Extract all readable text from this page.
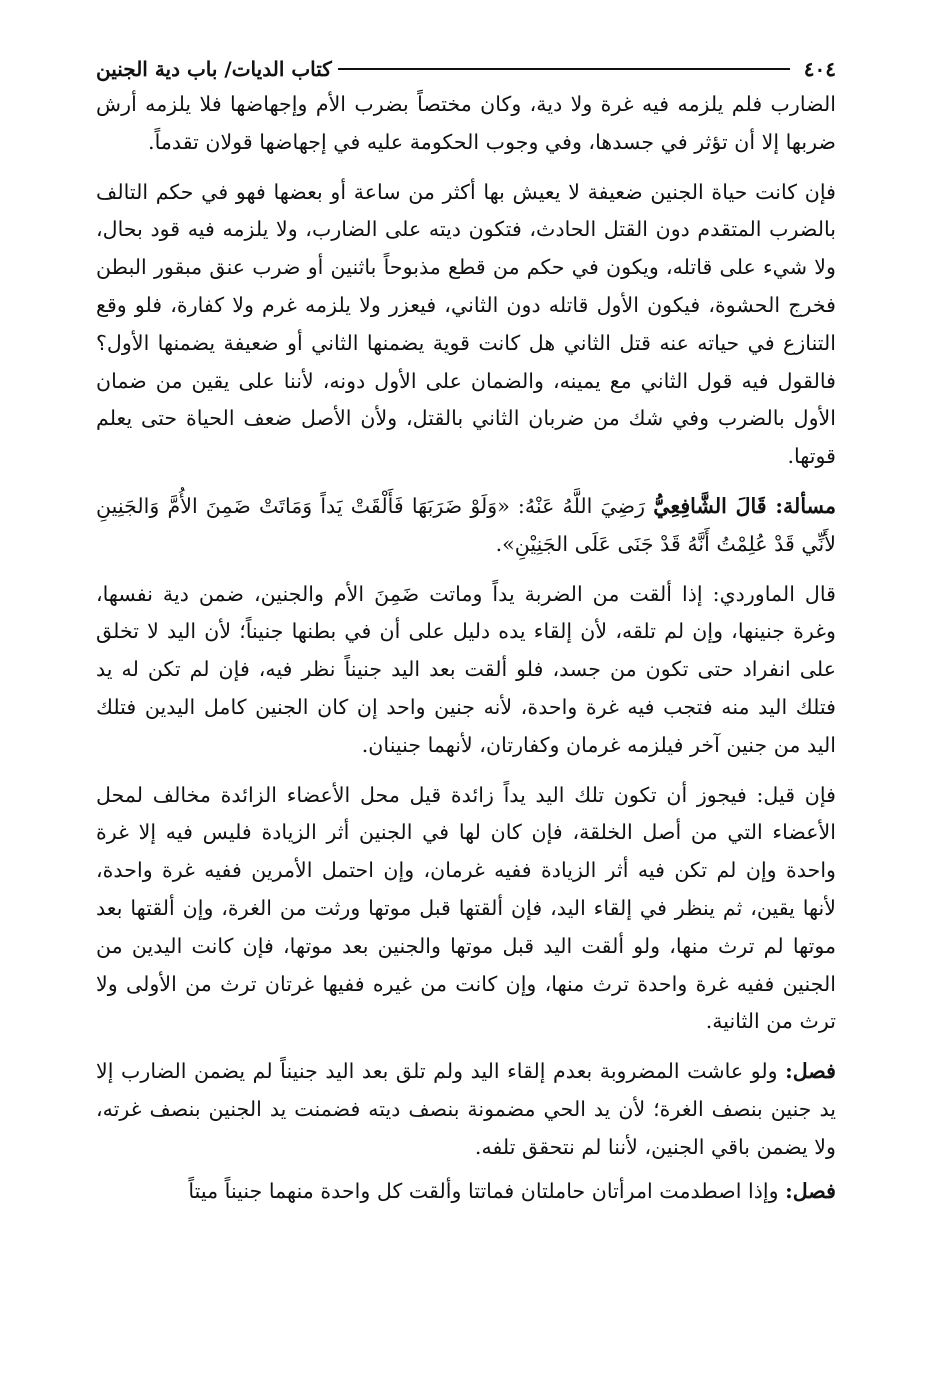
٤٠٤
كتاب الديات/ باب دية الجنين

الضارب فلم يلزمه فيه غرة ولا دية، وكان مختصاً بضرب الأم وإجهاضها فلا يلزمه أرش ضربها إلا أن تؤثر في جسدها، وفي وجوب الحكومة عليه في إجهاضها قولان تقدماً.

فإن كانت حياة الجنين ضعيفة لا يعيش بها أكثر من ساعة أو بعضها فهو في حكم التالف بالضرب المتقدم دون القتل الحادث، فتكون ديته على الضارب، ولا يلزمه فيه قود بحال، ولا شيء على قاتله، ويكون في حكم من قطع مذبوحاً باثنين أو ضرب عنق مبقور البطن فخرج الحشوة، فيكون الأول قاتله دون الثاني، فيعزر ولا يلزمه غرم ولا كفارة، فلو وقع التنازع في حياته عنه قتل الثاني هل كانت قوية يضمنها الثاني أو ضعيفة يضمنها الأول؟ فالقول فيه قول الثاني مع يمينه، والضمان على الأول دونه، لأننا على يقين من ضمان الأول بالضرب وفي شك من ضربان الثاني بالقتل، ولأن الأصل ضعف الحياة حتى يعلم قوتها.

مسألة: قَالَ الشَّافِعِيُّ رَضِيَ اللَّهُ عَنْهُ: «وَلَوْ ضَرَبَهَا فَأَلْقَتْ يَداً وَمَاتَتْ ضَمِنَ الأُمَّ وَالجَنِينِ لأَنِّي قَدْ عُلِمْتُ أَنَّهُ قَدْ جَنَى عَلَى الجَنِيْنِ».

قال الماوردي: إذا ألقت من الضربة يداً وماتت ضَمِنَ الأم والجنين، ضمن دية نفسها، وغرة جنينها، وإن لم تلقه، لأن إلقاء يده دليل على أن في بطنها جنيناً؛ لأن اليد لا تخلق على انفراد حتى تكون من جسد، فلو ألقت بعد اليد جنيناً نظر فيه، فإن لم تكن له يد فتلك اليد منه فتجب فيه غرة واحدة، لأنه جنين واحد إن كان الجنين كامل اليدين فتلك اليد من جنين آخر فيلزمه غرمان وكفارتان، لأنهما جنينان.

فإن قيل: فيجوز أن تكون تلك اليد يداً زائدة قيل محل الأعضاء الزائدة مخالف لمحل الأعضاء التي من أصل الخلقة، فإن كان لها في الجنين أثر الزيادة فليس فيه إلا غرة واحدة وإن لم تكن فيه أثر الزيادة ففيه غرمان، وإن احتمل الأمرين ففيه غرة واحدة، لأنها يقين، ثم ينظر في إلقاء اليد، فإن ألقتها قبل موتها ورثت من الغرة، وإن ألقتها بعد موتها لم ترث منها، ولو ألقت اليد قبل موتها والجنين بعد موتها، فإن كانت اليدين من الجنين ففيه غرة واحدة ترث منها، وإن كانت من غيره ففيها غرتان ترث من الأولى ولا ترث من الثانية.

فصل: ولو عاشت المضروبة بعدم إلقاء اليد ولم تلق بعد اليد جنيناً لم يضمن الضارب إلا يد جنين بنصف الغرة؛ لأن يد الحي مضمونة بنصف ديته فضمنت يد الجنين بنصف غرته، ولا يضمن باقي الجنين، لأننا لم نتحقق تلفه.

فصل: وإذا اصطدمت امرأتان حاملتان فماتتا وألقت كل واحدة منهما جنيناً ميتاً
